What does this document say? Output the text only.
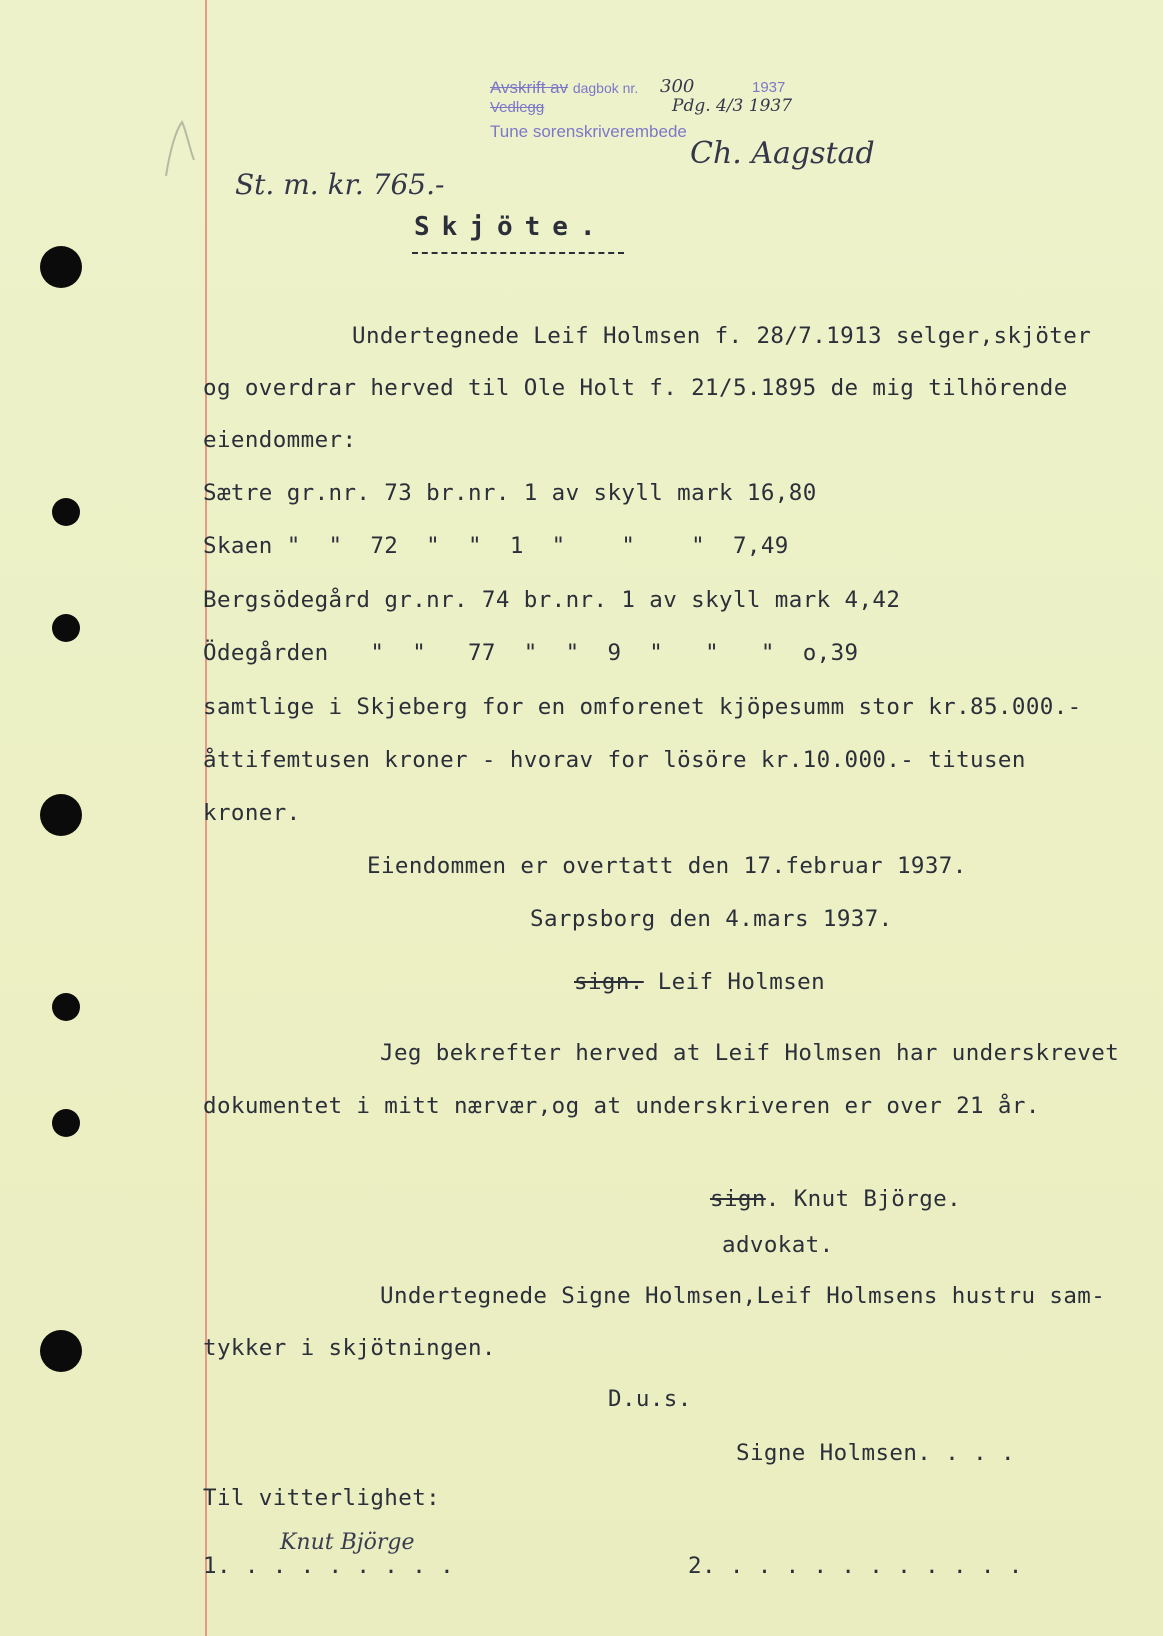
Avskrift av dagbok nr. 300	1937
Vedlegg	Pdg. 4/3 1937
Tune sorenskriverembede
Ch. Aagstad
St. m. kr. 765.-
Skjöte.
Undertegnede Leif Holmsen f. 28/7.1913 selger,skjöter
og overdrar herved til Ole Holt f. 21/5.1895 de mig tilhörende
eiendommer:
Sætre gr.nr. 73 br.nr. 1 av skyll mark 16,80
Skaen "  "  72  "  "  1  "    "    "  7,49
Bergsödegård gr.nr. 74 br.nr. 1 av skyll mark 4,42
Ödegården   "  "   77  "  "  9  "   "   "  o,39
samtlige i Skjeberg for en omforenet kjöpesumm stor kr.85.000.-
åttifemtusen kroner - hvorav for lösöre kr.10.000.- titusen
kroner.
Eiendommen er overtatt den 17.februar 1937.
Sarpsborg den 4.mars 1937.
sign. Leif Holmsen
Jeg bekrefter herved at Leif Holmsen har underskrevet
dokumentet i mitt nærvær,og at underskriveren er over 21 år.
sign. Knut Björge.
advokat.
Undertegnede Signe Holmsen,Leif Holmsens hustru sam-
tykker i skjötningen.
D.u.s.
Signe Holmsen. . . .
Til vitterlighet:
Knut Björge
1. . . . . . . . .	2. . . . . . . . . . . .
